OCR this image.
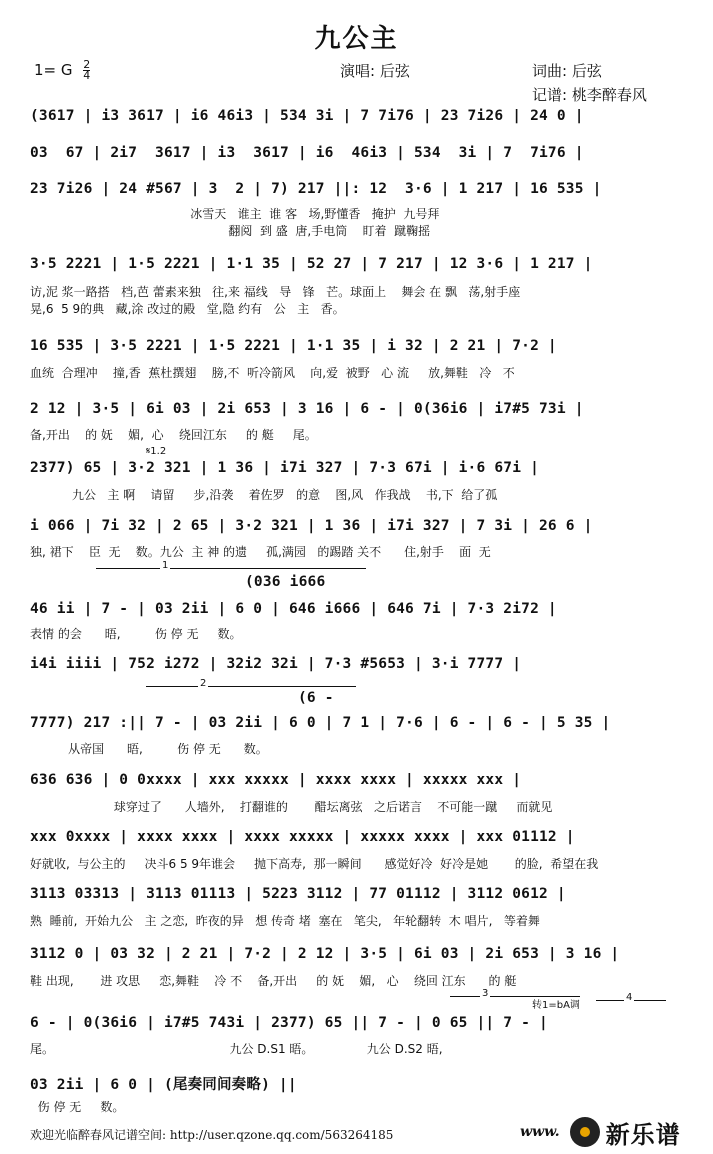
九公主
1= G $\frac{2}{4}$	演唱: 后弦	词曲: 后弦
记谱: 桃李醉春风
(3617 | i3 3617 | i6 46i3 | 534 3i | 7 7i76 | 23 7i26 | 24 0 |
03  67 | 2i7  3617 | i3  3617 | i6  46i3 | 534  3i | 7  7i76 |
23 7i26 | 24 #567 | 3  2 | 7) 217 ||: 12  3·6 | 1 217 | 16 535 |
冰雪天   谁主  谁 客   场,野懂香   掩护  九号拜
翻阅  到 盛  唐,手电筒    盯着  蹴鞠摇
3·5 2221 | 1·5 2221 | 1·1 35 | 52 27 | 7 217 | 12 3·6 | 1 217 |
访,泥 浆一路搭   档,芭 蕾素来独   往,来 福线   导   锋   芒。球面上    舞会 在 飘   荡,射手座
晃,6  5 9的典   藏,涂 改过的殿   堂,隐 约有   公   主   香。
16 535 | 3·5 2221 | 1·5 2221 | 1·1 35 | i 32 | 2 21 | 7·2 |
血统  合理冲    撞,香  蕉杜撰翅    膀,不  听冷箭风    向,爱  被野   心 流     放,舞鞋   冷   不
2 12 | 3·5 | 6i 03 | 2i 653 | 3 16 | 6 - | 0(36i6 | i7#5 73i |
备,开出    的 妩    媚,  心    绕回江东     的 艇     尾。
𝄋1.2
2377) 65 | 3·2 321 | 1 36 | i7i 327 | 7·3 67i | i·6 67i |
九公   主 啊    请留     步,沿袭    着佐罗   的意    图,风   作我战    书,下  给了孤
i 066 | 7i 32 | 2 65 | 3·2 321 | 1 36 | i7i 327 | 7 3i | 26 6 |
独, 裙下    臣  无    数。九公  主 神 的遗     孤,满园   的踢踏 关不      住,射手    面  无
1
(036 i666
46 ii | 7 - | 03 2ii | 6 0 | 646 i666 | 646 7i | 7·3 2i72 |
表情 的会      晤,         伤 停 无     数。
i4i iiii | 752 i272 | 32i2 32i | 7·3 #5653 | 3·i 7777 |
2
(6 -
7777) 217 :|| 7 - | 03 2ii | 6 0 | 7 1 | 7·6 | 6 - | 6 - | 5 35 |
从帝国      晤,         伤 停 无      数。
636 636 | 0 0xxxx | xxx xxxxx | xxxx xxxx | xxxxx xxx |
球穿过了      人墙外,    打翻谁的       醋坛离弦   之后诺言    不可能一蹴     而就见
xxx 0xxxx | xxxx xxxx | xxxx xxxxx | xxxxx xxxx | xxx 01112 |
好就收,  与公主的     决斗6 5 9年谁会     抛下高寿,  那一瞬间      感觉好冷  好冷是她       的脸,  希望在我
3113 03313 | 3113 01113 | 5223 3112 | 77 01112 | 3112 0612 |
熟  睡前,  开始九公   主 之恋,  昨夜的异   想 传奇 堵  塞在   笔尖,   年轮翻转  木 唱片,   等着舞
3112 0 | 03 32 | 2 21 | 7·2 | 2 12 | 3·5 | 6i 03 | 2i 653 | 3 16 |
鞋 出现,       进 攻思     恋,舞鞋    冷 不    备,开出     的 妩    媚,   心    绕回 江东      的 艇
3
转1=bA调
4
6 - | 0(36i6 | i7#5 743i | 2377) 65 || 7 - | 0 65 || 7 - |
尾。                                              九公 D.S1 晤。              九公 D.S2 晤,
03 2ii | 6 0 | (尾奏同间奏略) ||
伤 停 无     数。
欢迎光临醉春风记谱空间: http://user.qzone.qq.com/563264185	www. 新乐谱
